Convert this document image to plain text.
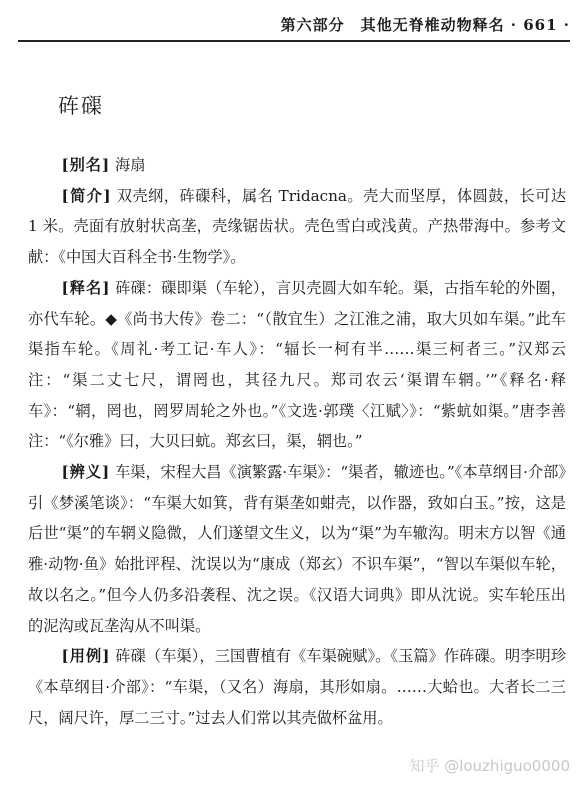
第六部分　其他无脊椎动物释名 · 661 ·
砗磲

[别名] 海扇

[简介] 双壳纲，砗磲科，属名 Tridacna。壳大而坚厚，体圆鼓，长可达 1 米。壳面有放射状高垄，壳缘锯齿状。壳色雪白或浅黄。产热带海中。参考文献：《中国大百科全书·生物学》。

[释名] 砗磲：磲即渠（车轮），言贝壳圆大如车轮。渠，古指车轮的外圈，亦代车轮。◆《尚书大传》卷二：“（散宜生）之江淮之浦，取大贝如车渠。”此车渠指车轮。《周礼·考工记·车人》：“辐长一柯有半……渠三柯者三。”汉郑云注：“渠二丈七尺，谓罔也，其径九尺。郑司农云‘渠谓车辋。’”《释名·释车》：“辋，罔也，罔罗周轮之外也。”《文选·郭璞〈江赋〉》：“紫蚢如渠。”唐李善注：“《尔雅》曰，大贝曰蚢。郑玄曰，渠，辋也。”

[辨义] 车渠，宋程大昌《演繁露·车渠》：“渠者，辙迹也。”《本草纲目·介部》引《梦溪笔谈》：“车渠大如箕，背有渠垄如蚶壳，以作器，致如白玉。”按，这是后世“渠”的车辋义隐微，人们遂望文生义，以为“渠”为车辙沟。明末方以智《通雅·动物·鱼》始批评程、沈误以为“康成（郑玄）不识车渠”，“智以车渠似车轮，故以名之。”但今人仍多沿袭程、沈之误。《汉语大词典》即从沈说。实车轮压出的泥沟或瓦垄沟从不叫渠。

[用例] 砗磲（车渠），三国曹植有《车渠碗赋》。《玉篇》作砗磲。明李明珍《本草纲目·介部》：“车渠，（又名）海扇，其形如扇。……大蛤也。大者长二三尺，阔尺许，厚二三寸。”过去人们常以其壳做杯盆用。

知乎 @louzhiguo0000
